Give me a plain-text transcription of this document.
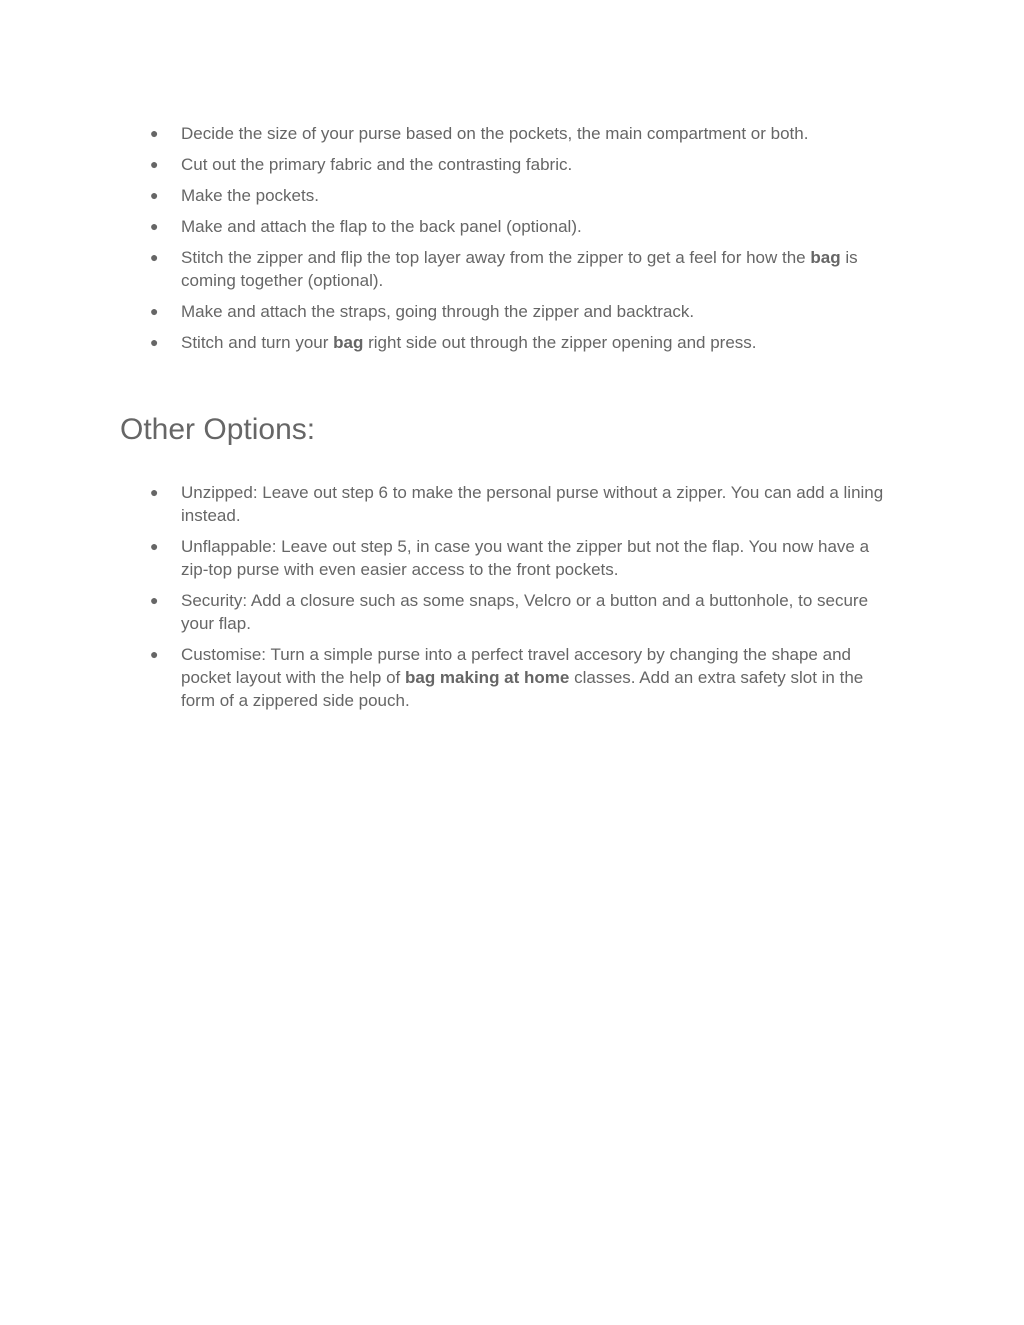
● Decide the size of your purse based on the pockets, the main compartment or both.
● Cut out the primary fabric and the contrasting fabric.
● Make the pockets.
● Make and attach the flap to the back panel (optional).
● Stitch the zipper and flip the top layer away from the zipper to get a feel for how the bag is coming together (optional).
● Make and attach the straps, going through the zipper and backtrack.
● Stitch and turn your bag right side out through the zipper opening and press.
Other Options:
● Unzipped: Leave out step 6 to make the personal purse without a zipper. You can add a lining instead.
● Unflappable: Leave out step 5, in case you want the zipper but not the flap. You now have a zip-top purse with even easier access to the front pockets.
● Security: Add a closure such as some snaps, Velcro or a button and a buttonhole, to secure your flap.
● Customise: Turn a simple purse into a perfect travel accesory by changing the shape and pocket layout with the help of bag making at home classes. Add an extra safety slot in the form of a zippered side pouch.
